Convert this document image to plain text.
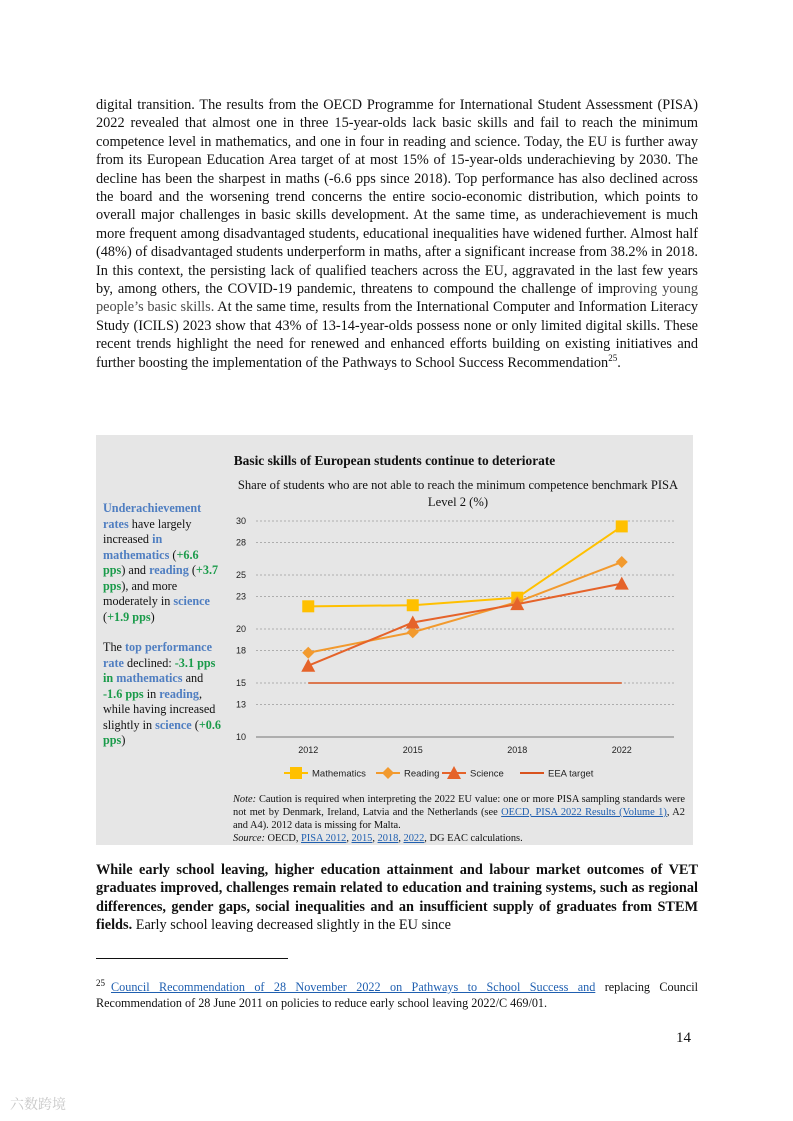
digital transition. The results from the OECD Programme for International Student Assessment (PISA) 2022 revealed that almost one in three 15-year-olds lack basic skills and fail to reach the minimum competence level in mathematics, and one in four in reading and science. Today, the EU is further away from its European Education Area target of at most 15% of 15-year-olds underachieving by 2030. The decline has been the sharpest in maths (-6.6 pps since 2018). Top performance has also declined across the board and the worsening trend concerns the entire socio-economic distribution, which points to overall major challenges in basic skills development. At the same time, as underachievement is much more frequent among disadvantaged students, educational inequalities have widened further. Almost half (48%) of disadvantaged students underperform in maths, after a significant increase from 38.2% in 2018. In this context, the persisting lack of qualified teachers across the EU, aggravated in the last few years by, among others, the COVID-19 pandemic, threatens to compound the challenge of improving young people’s basic skills. At the same time, results from the International Computer and Information Literacy Study (ICILS) 2023 show that 43% of 13-14-year-olds possess none or only limited digital skills. These recent trends highlight the need for renewed and enhanced efforts building on existing initiatives and further boosting the implementation of the Pathways to School Success Recommendation$^{25}$.

Basic skills of European students continue to deteriorate
Share of students who are not able to reach the minimum competence benchmark PISA Level 2 (%)

Underachievement rates have largely increased in mathematics (+6.6 pps) and reading (+3.7 pps), and more moderately in science (+1.9 pps)

The top performance rate declined: -3.1 pps in mathematics and -1.6 pps in reading, while having increased slightly in science (+0.6 pps)	10
13
15
18
20
23
25
28
30
2012	2015	2018	2022
Mathematics	Reading	Science	EEA target

Note: Caution is required when interpreting the 2022 EU value: one or more PISA sampling standards were not met by Denmark, Ireland, Latvia and the Netherlands (see OECD, PISA 2022 Results (Volume 1), A2 and A4). 2012 data is missing for Malta.

Source: OECD, PISA 2012, 2015, 2018, 2022, DG EAC calculations.

While early school leaving, higher education attainment and labour market outcomes of VET graduates improved, challenges remain related to education and training systems, such as regional differences, gender gaps, social inequalities and an insufficient supply of graduates from STEM fields. Early school leaving decreased slightly in the EU since

$^{25}$ Council Recommendation of 28 November 2022 on Pathways to School Success and replacing Council Recommendation of 28 June 2011 on policies to reduce early school leaving 2022/C 469/01.
14
六数跨境
